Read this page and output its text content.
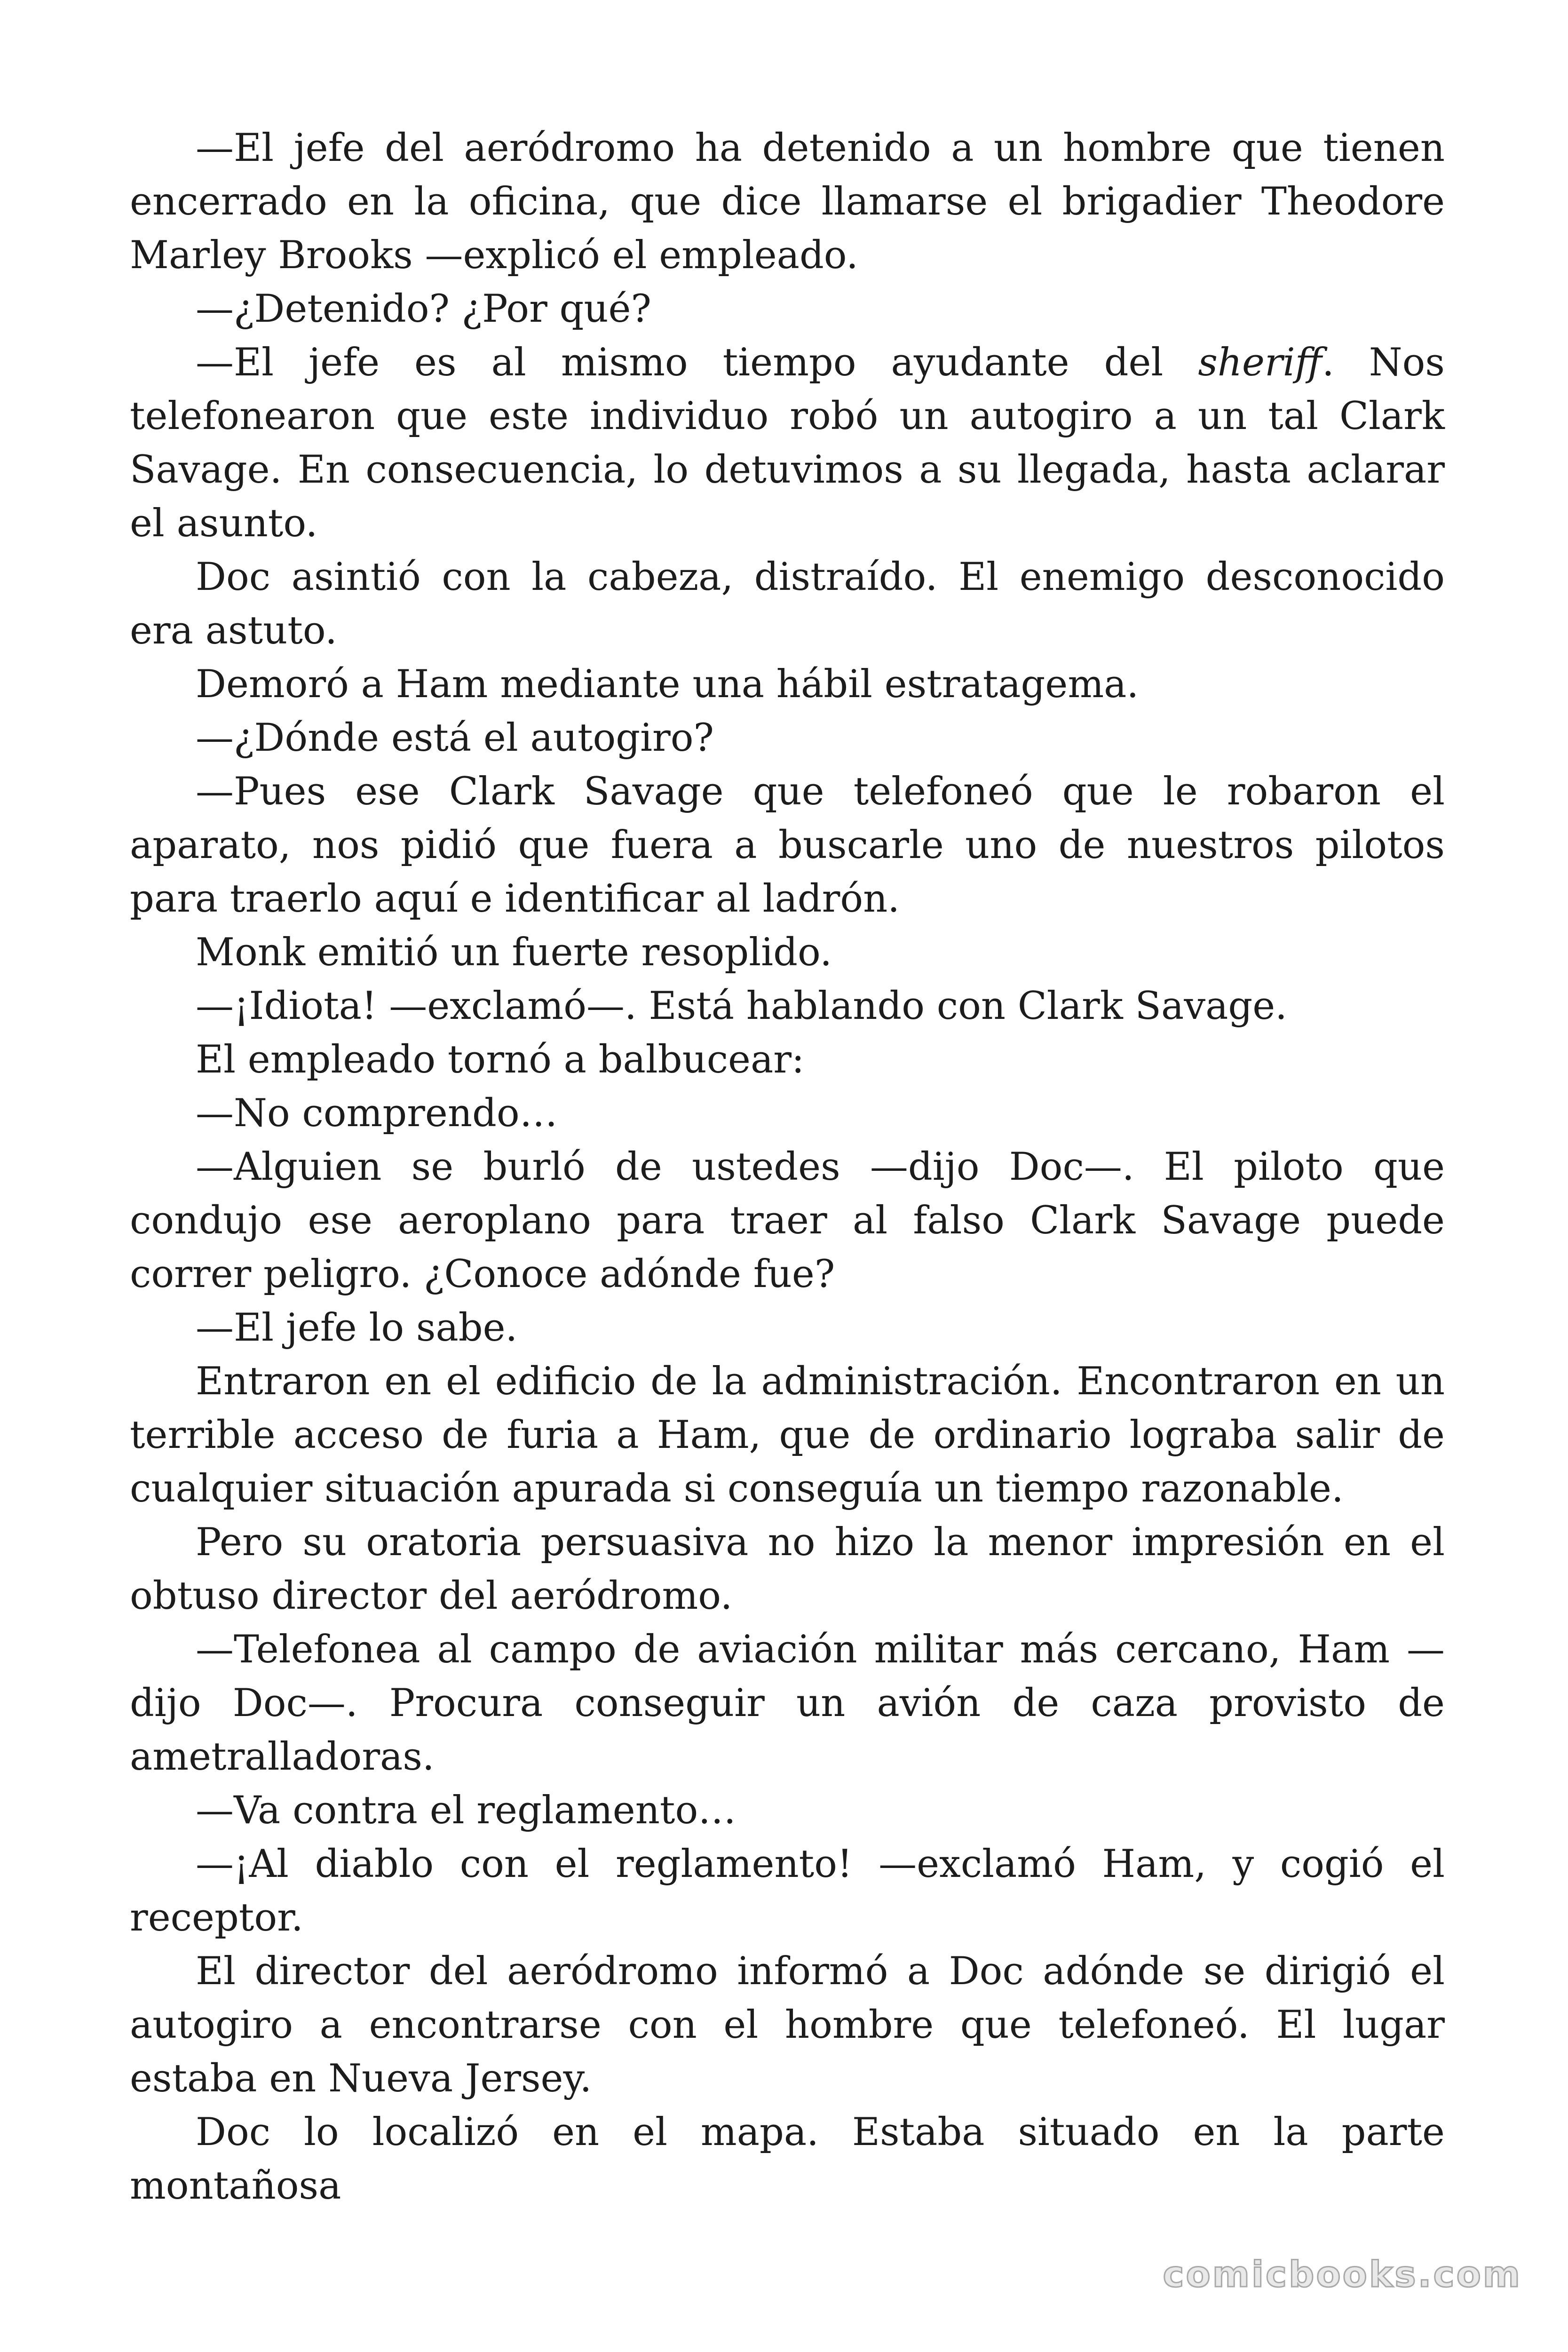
—El jefe del aeródromo ha detenido a un hombre que tienen encerrado en la oficina, que dice llamarse el brigadier Theodore Marley Brooks —explicó el empleado.

—¿Detenido? ¿Por qué?

—El jefe es al mismo tiempo ayudante del sheriff. Nos telefonearon que este individuo robó un autogiro a un tal Clark Savage. En consecuencia, lo detuvimos a su llegada, hasta aclarar el asunto.

Doc asintió con la cabeza, distraído. El enemigo desconocido era astuto.

Demoró a Ham mediante una hábil estratagema.

—¿Dónde está el autogiro?

—Pues ese Clark Savage que telefoneó que le robaron el aparato, nos pidió que fuera a buscarle uno de nuestros pilotos para traerlo aquí e identificar al ladrón.

Monk emitió un fuerte resoplido.

—¡Idiota! —exclamó—. Está hablando con Clark Savage.

El empleado tornó a balbucear:

—No comprendo…

—Alguien se burló de ustedes —dijo Doc—. El piloto que condujo ese aeroplano para traer al falso Clark Savage puede correr peligro. ¿Conoce adónde fue?

—El jefe lo sabe.

Entraron en el edificio de la administración. Encontraron en un terrible acceso de furia a Ham, que de ordinario lograba salir de cualquier situación apurada si conseguía un tiempo razonable.

Pero su oratoria persuasiva no hizo la menor impresión en el obtuso director del aeródromo.

—Telefonea al campo de aviación militar más cercano, Ham —dijo Doc—. Procura conseguir un avión de caza provisto de ametralladoras.

—Va contra el reglamento…

—¡Al diablo con el reglamento! —exclamó Ham, y cogió el receptor.

El director del aeródromo informó a Doc adónde se dirigió el autogiro a encontrarse con el hombre que telefoneó. El lugar estaba en Nueva Jersey.

Doc lo localizó en el mapa. Estaba situado en la parte montañosa

comicbooks.com
